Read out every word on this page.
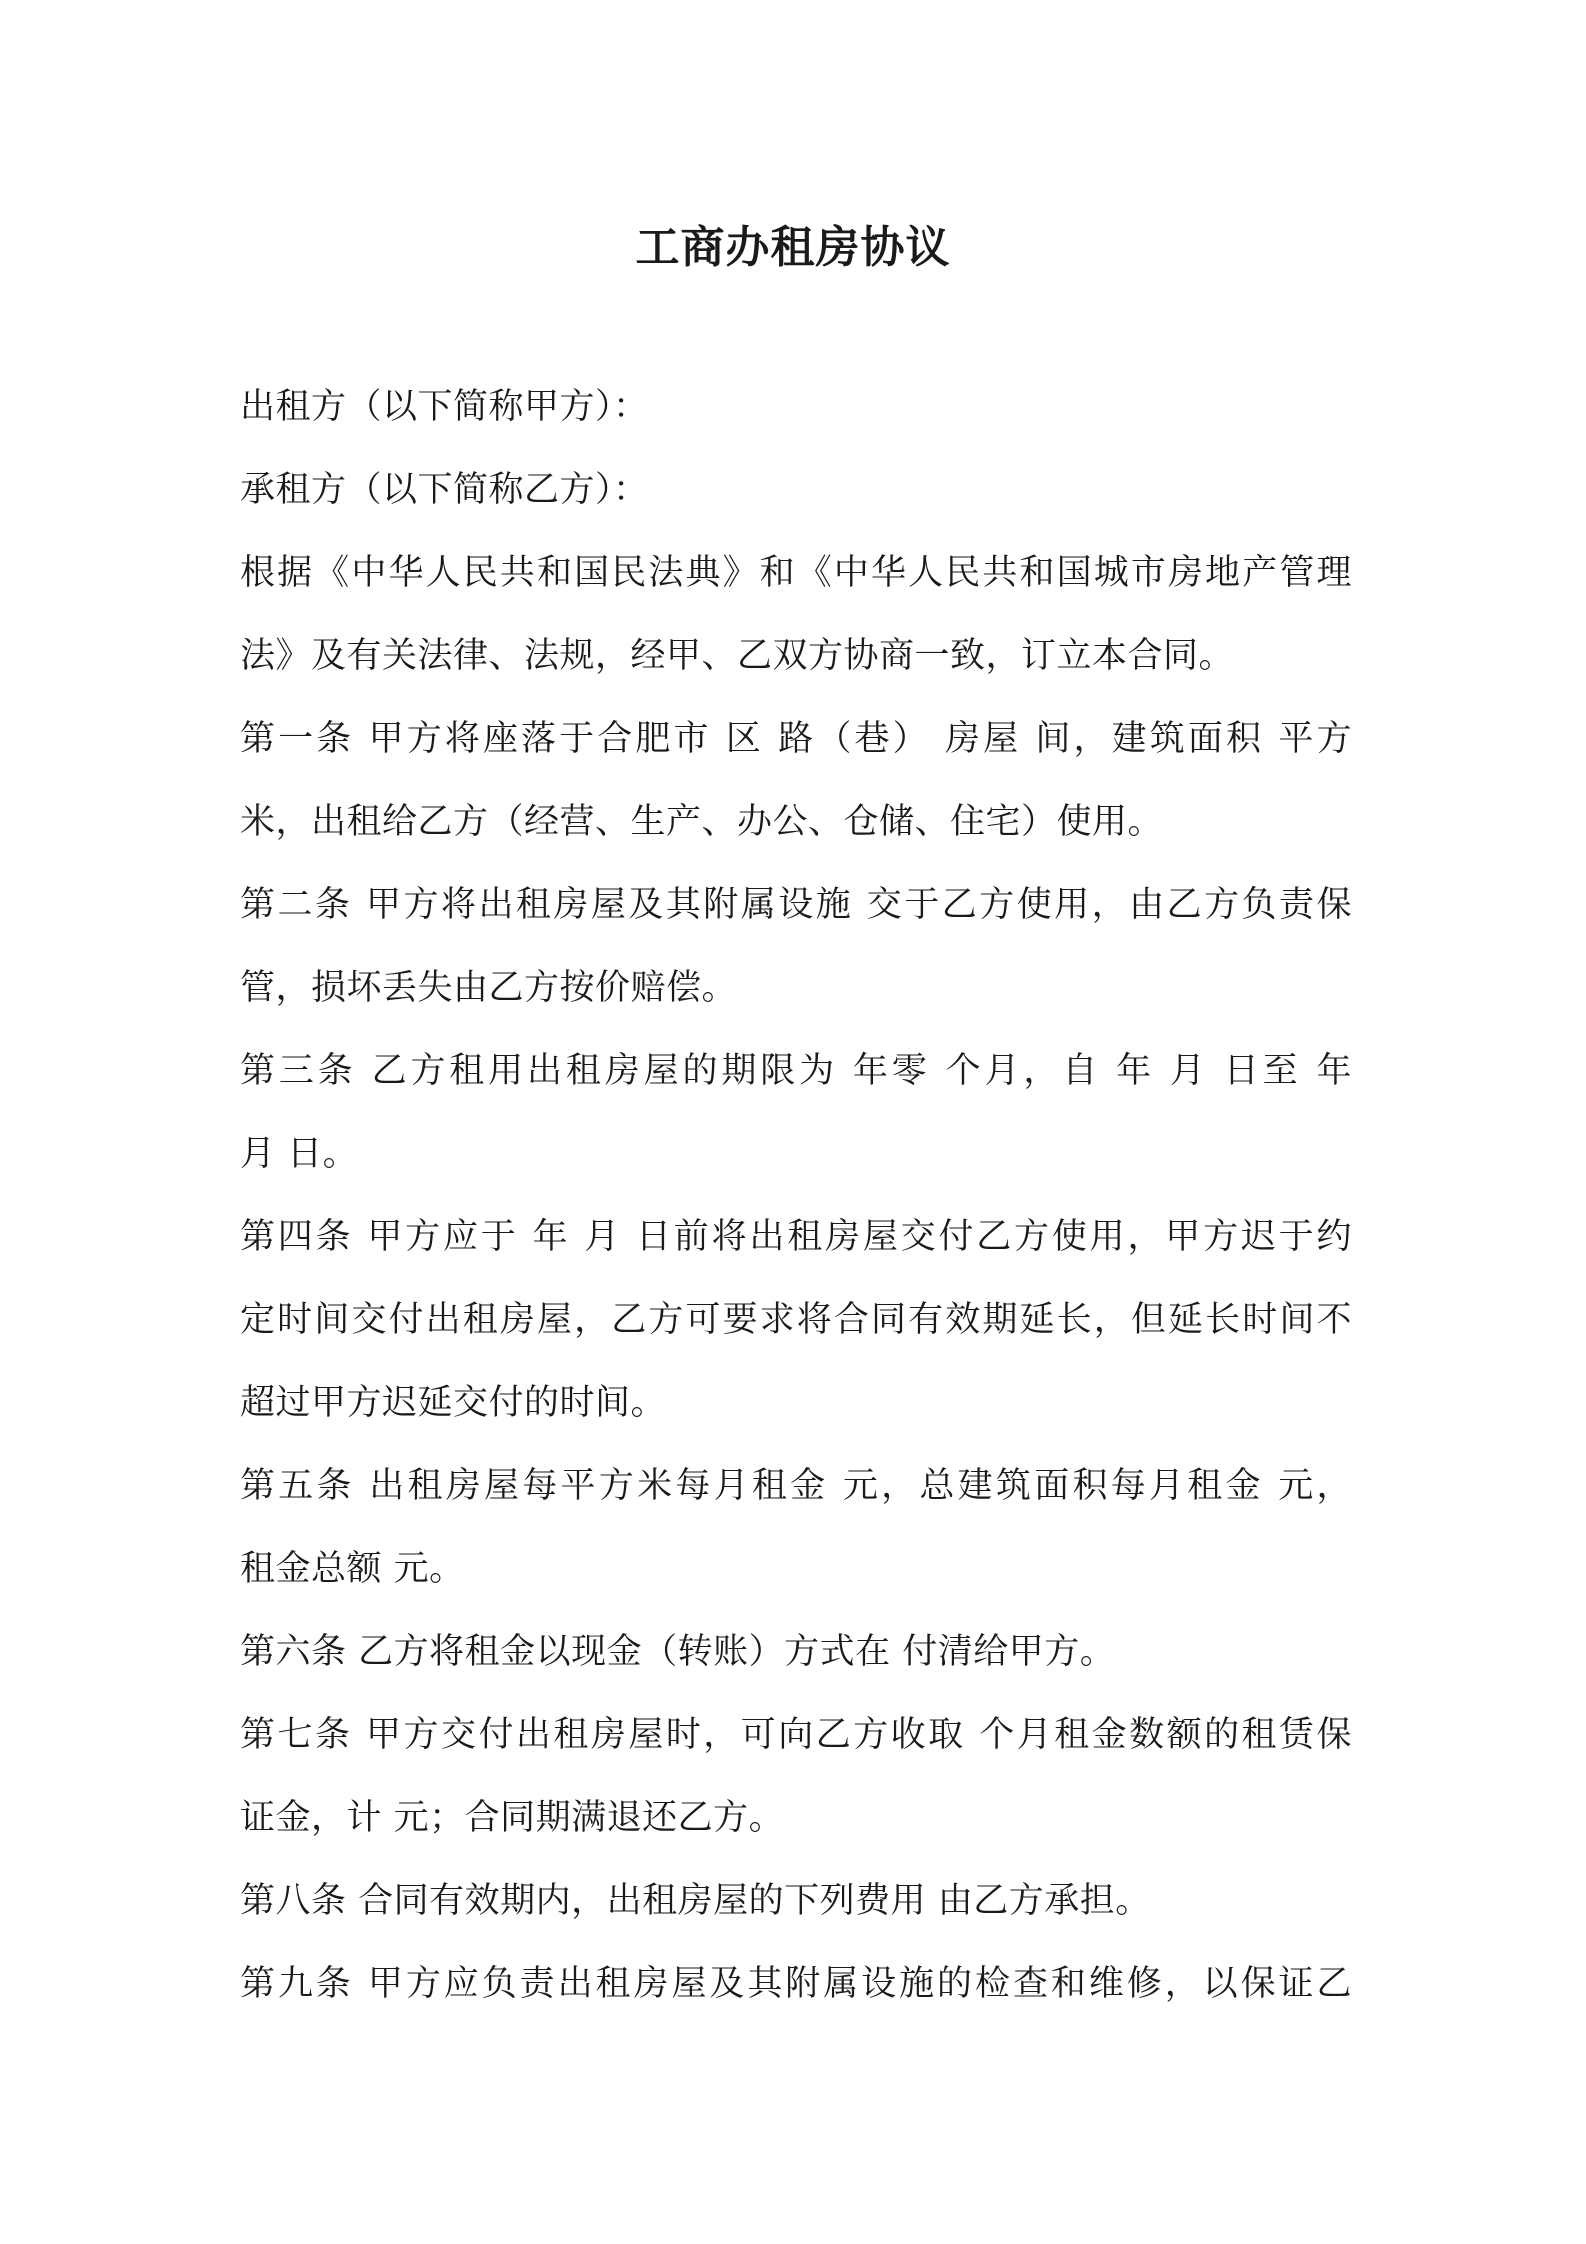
工商办租房协议
出租方（以下简称甲方）：
承租方（以下简称乙方）：
根据《中华人民共和国民法典》和《中华人民共和国城市房地产管理
法》及有关法律、法规，经甲、乙双方协商一致，订立本合同。
第一条 甲方将座落于合肥市 区 路（巷） 房屋 间，建筑面积 平方
米，出租给乙方（经营、生产、办公、仓储、住宅）使用。
第二条 甲方将出租房屋及其附属设施 交于乙方使用，由乙方负责保
管，损坏丢失由乙方按价赔偿。
第三条 乙方租用出租房屋的期限为 年零 个月，自 年 月 日至 年
月 日。
第四条 甲方应于 年 月 日前将出租房屋交付乙方使用，甲方迟于约
定时间交付出租房屋，乙方可要求将合同有效期延长，但延长时间不
超过甲方迟延交付的时间。
第五条 出租房屋每平方米每月租金 元，总建筑面积每月租金 元，
租金总额 元。
第六条 乙方将租金以现金（转账）方式在 付清给甲方。
第七条 甲方交付出租房屋时，可向乙方收取 个月租金数额的租赁保
证金，计 元；合同期满退还乙方。
第八条 合同有效期内，出租房屋的下列费用 由乙方承担。
第九条 甲方应负责出租房屋及其附属设施的检查和维修，以保证乙
